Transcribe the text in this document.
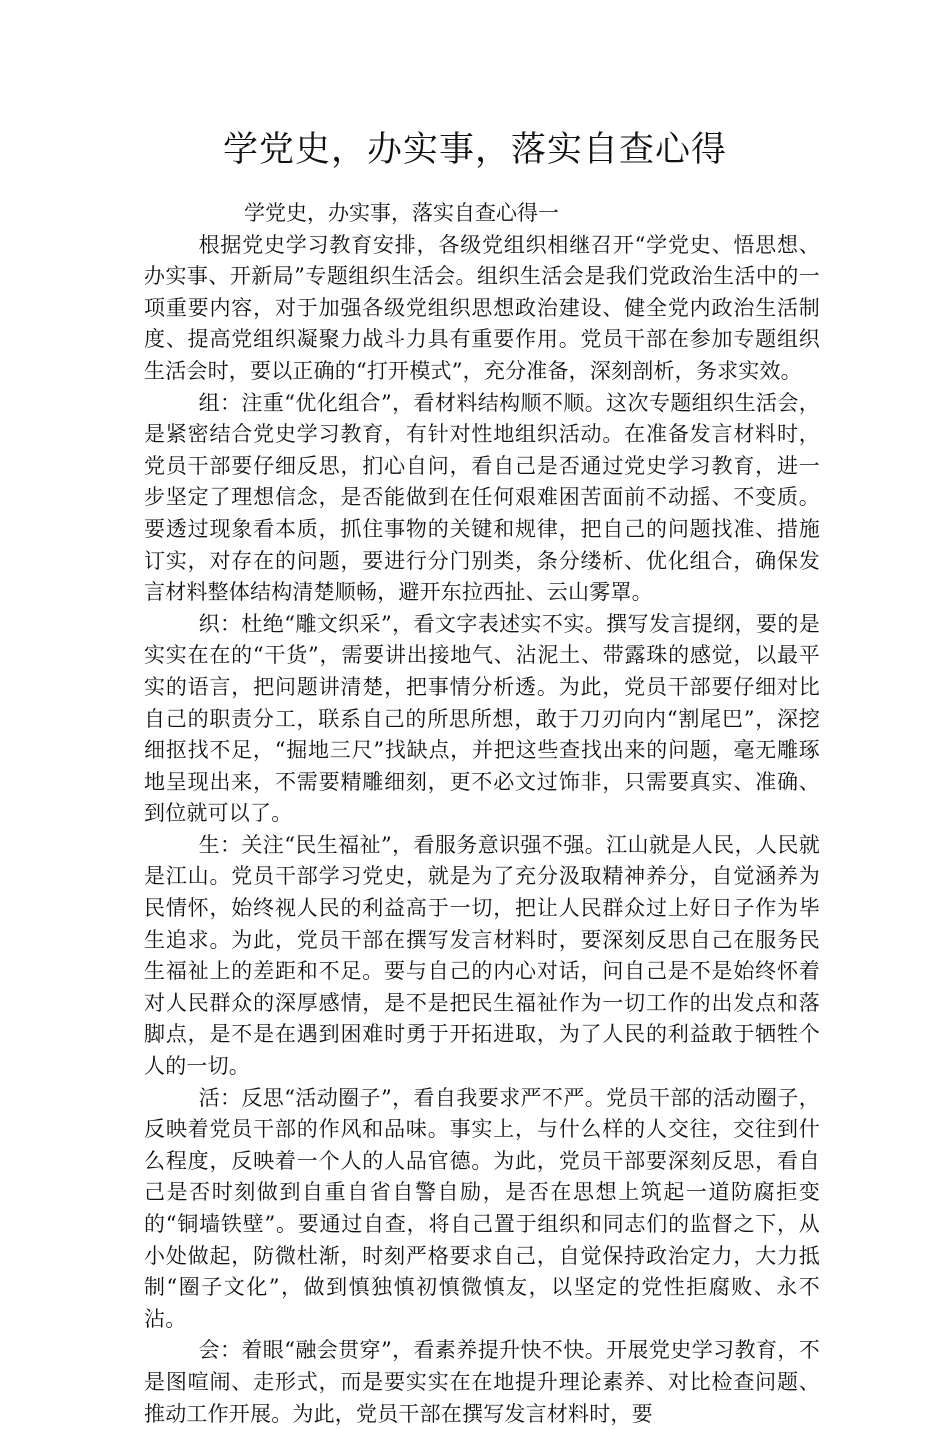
学党史，办实事，落实自查心得

学党史，办实事，落实自查心得一

根据党史学习教育安排，各级党组织相继召开“学党史、悟思想、办实事、开新局”专题组织生活会。组织生活会是我们党政治生活中的一项重要内容，对于加强各级党组织思想政治建设、健全党内政治生活制度、提高党组织凝聚力战斗力具有重要作用。党员干部在参加专题组织生活会时，要以正确的“打开模式”，充分准备，深刻剖析，务求实效。

组：注重“优化组合”，看材料结构顺不顺。这次专题组织生活会，是紧密结合党史学习教育，有针对性地组织活动。在准备发言材料时，党员干部要仔细反思，扪心自问，看自己是否通过党史学习教育，进一步坚定了理想信念，是否能做到在任何艰难困苦面前不动摇、不变质。要透过现象看本质，抓住事物的关键和规律，把自己的问题找准、措施订实，对存在的问题，要进行分门别类，条分缕析、优化组合，确保发言材料整体结构清楚顺畅，避开东拉西扯、云山雾罩。

织：杜绝“雕文织采”，看文字表述实不实。撰写发言提纲，要的是实实在在的“干货”，需要讲出接地气、沾泥土、带露珠的感觉，以最平实的语言，把问题讲清楚，把事情分析透。为此，党员干部要仔细对比自己的职责分工，联系自己的所思所想，敢于刀刃向内“割尾巴”，深挖细抠找不足，“掘地三尺”找缺点，并把这些查找出来的问题，毫无雕琢地呈现出来，不需要精雕细刻，更不必文过饰非，只需要真实、准确、到位就可以了。

生：关注“民生福祉”，看服务意识强不强。江山就是人民，人民就是江山。党员干部学习党史，就是为了充分汲取精神养分，自觉涵养为民情怀，始终视人民的利益高于一切，把让人民群众过上好日子作为毕生追求。为此，党员干部在撰写发言材料时，要深刻反思自己在服务民生福祉上的差距和不足。要与自己的内心对话，问自己是不是始终怀着对人民群众的深厚感情，是不是把民生福祉作为一切工作的出发点和落脚点，是不是在遇到困难时勇于开拓进取，为了人民的利益敢于牺牲个人的一切。

活：反思“活动圈子”，看自我要求严不严。党员干部的活动圈子，反映着党员干部的作风和品味。事实上，与什么样的人交往，交往到什么程度，反映着一个人的人品官德。为此，党员干部要深刻反思，看自己是否时刻做到自重自省自警自励，是否在思想上筑起一道防腐拒变的“铜墙铁壁”。要通过自查，将自己置于组织和同志们的监督之下，从小处做起，防微杜渐，时刻严格要求自己，自觉保持政治定力，大力抵制“圈子文化”，做到慎独慎初慎微慎友，以坚定的党性拒腐败、永不沾。

会：着眼“融会贯穿”，看素养提升快不快。开展党史学习教育，不是图喧闹、走形式，而是要实实在在地提升理论素养、对比检查问题、推动工作开展。为此，党员干部在撰写发言材料时，要
